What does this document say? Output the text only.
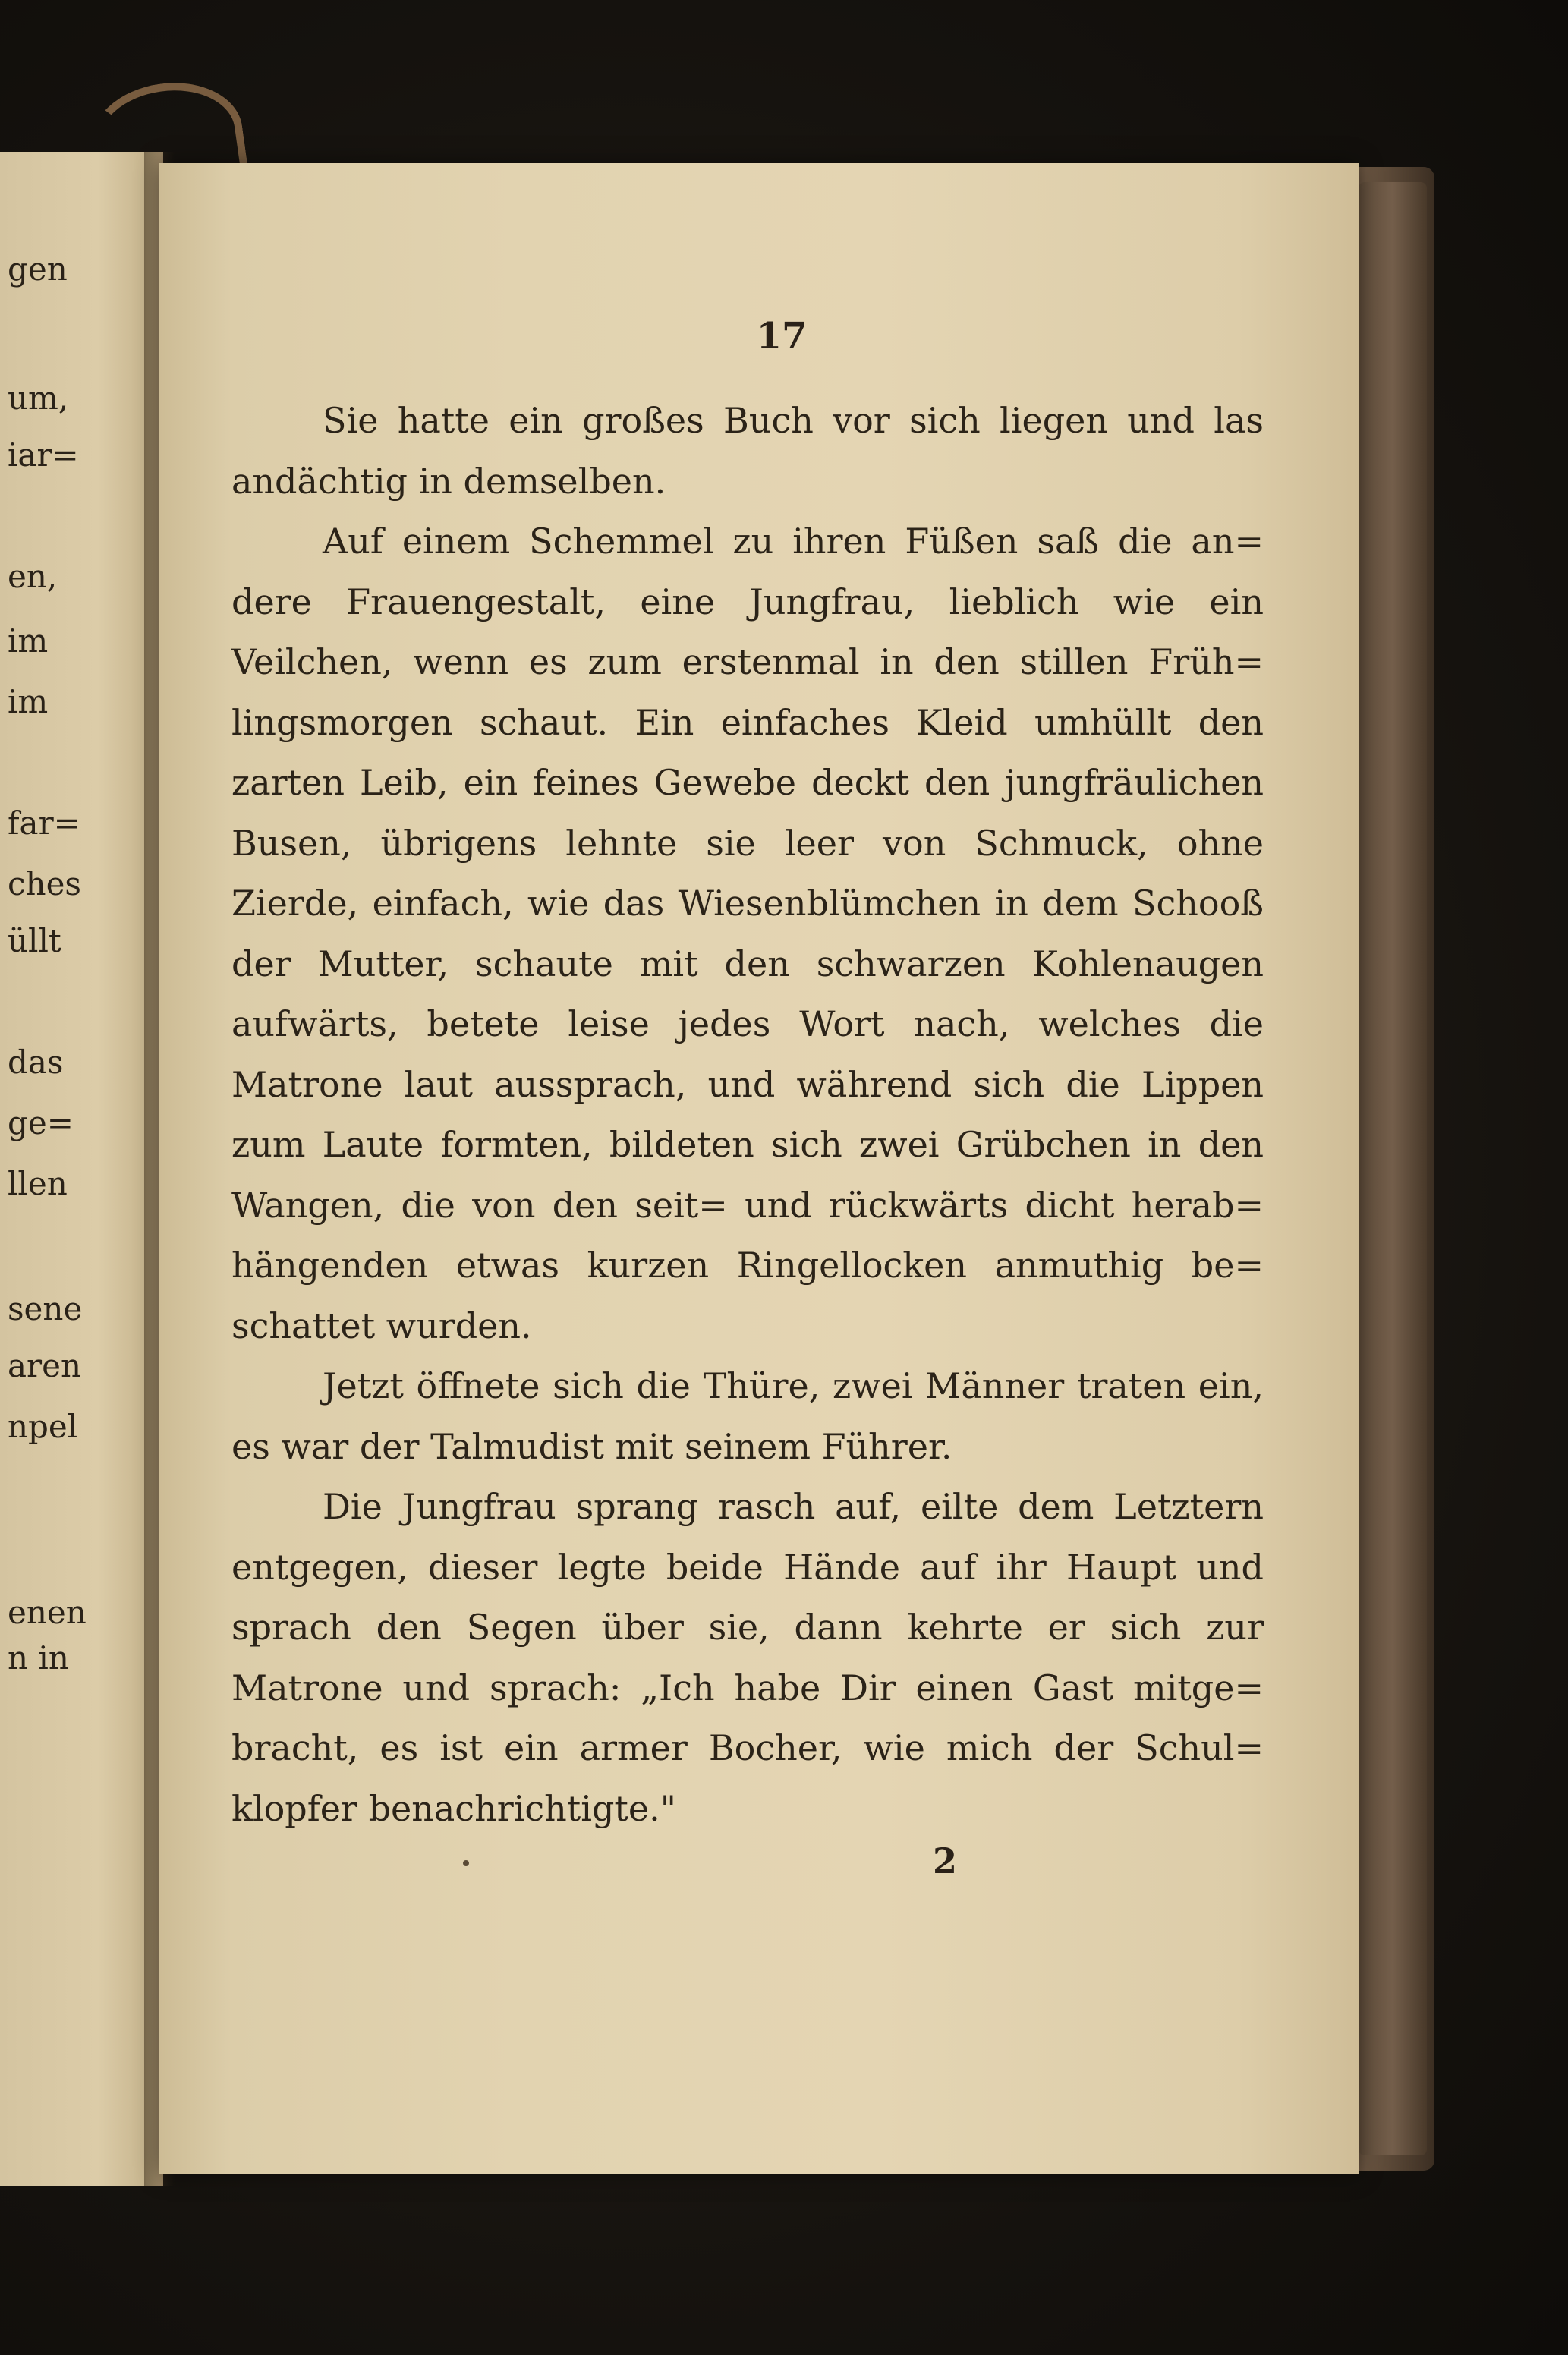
gen
um,
iar=
en,
im
im
far=
ches
üllt
das
ge=
llen
sene
aren
npel
enen
n in
17

Sie hatte ein großes Buch vor sich liegen und las andächtig in demselben.

Auf einem Schemmel zu ihren Füßen saß die an= dere Frauengestalt, eine Jungfrau, lieblich wie ein Veilchen, wenn es zum erstenmal in den stillen Früh= lingsmorgen schaut. Ein einfaches Kleid umhüllt den zarten Leib, ein feines Gewebe deckt den jungfräulichen Busen, übrigens lehnte sie leer von Schmuck, ohne Zierde, einfach, wie das Wiesenblümchen in dem Schooß der Mutter, schaute mit den schwarzen Kohlenaugen aufwärts, betete leise jedes Wort nach, welches die Matrone laut aussprach, und während sich die Lippen zum Laute formten, bildeten sich zwei Grübchen in den Wangen, die von den seit= und rückwärts dicht herab= hängenden etwas kurzen Ringellocken anmuthig be= schattet wurden.

Jetzt öffnete sich die Thüre, zwei Männer traten ein, es war der Talmudist mit seinem Führer.

Die Jungfrau sprang rasch auf, eilte dem Letztern entgegen, dieser legte beide Hände auf ihr Haupt und sprach den Segen über sie, dann kehrte er sich zur Matrone und sprach: „Ich habe Dir einen Gast mitge= bracht, es ist ein armer Bocher, wie mich der Schul= klopfer benachrichtigte."

2
